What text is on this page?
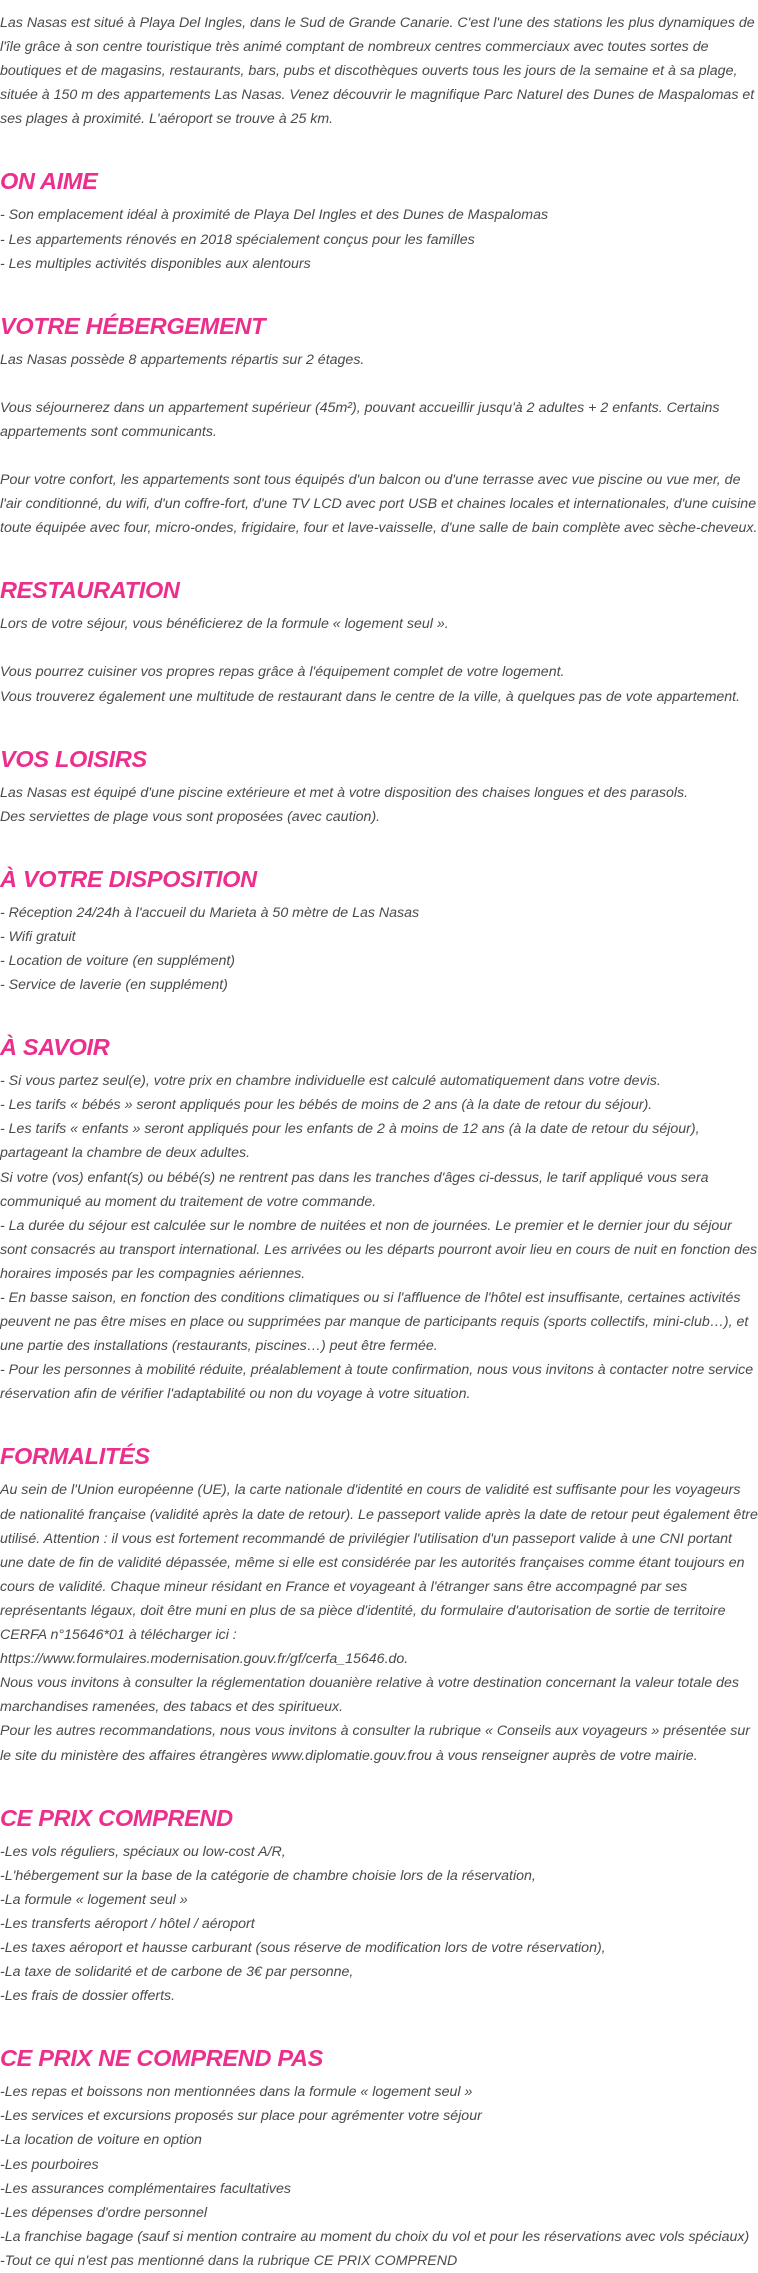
Las Nasas est situé à Playa Del Ingles, dans le Sud de Grande Canarie. C'est l'une des stations les plus dynamiques de l'île grâce à son centre touristique très animé comptant de nombreux centres commerciaux avec toutes sortes de boutiques et de magasins, restaurants, bars, pubs et discothèques ouverts tous les jours de la semaine et à sa plage, située à 150 m des appartements Las Nasas. Venez découvrir le magnifique Parc Naturel des Dunes de Maspalomas et ses plages à proximité. L'aéroport se trouve à 25 km.

ON AIME

- Son emplacement idéal à proximité de Playa Del Ingles et des Dunes de Maspalomas

- Les appartements rénovés en 2018 spécialement conçus pour les familles

- Les multiples activités disponibles aux alentours

VOTRE HÉBERGEMENT

Las Nasas possède 8 appartements répartis sur 2 étages.

Vous séjournerez dans un appartement supérieur (45m²), pouvant accueillir jusqu'à 2 adultes + 2 enfants. Certains appartements sont communicants.

Pour votre confort, les appartements sont tous équipés d'un balcon ou d'une terrasse avec vue piscine ou vue mer, de l'air conditionné, du wifi, d'un coffre-fort, d'une TV LCD avec port USB et chaines locales et internationales, d'une cuisine toute équipée avec four, micro-ondes, frigidaire, four et lave-vaisselle, d'une salle de bain complète avec sèche-cheveux.

RESTAURATION

Lors de votre séjour, vous bénéficierez de la formule « logement seul ».

Vous pourrez cuisiner vos propres repas grâce à l'équipement complet de votre logement.

Vous trouverez également une multitude de restaurant dans le centre de la ville, à quelques pas de vote appartement.

VOS LOISIRS

Las Nasas est équipé d'une piscine extérieure et met à votre disposition des chaises longues et des parasols.

Des serviettes de plage vous sont proposées (avec caution).

À VOTRE DISPOSITION

- Réception 24/24h à l'accueil du Marieta à 50 mètre de Las Nasas

- Wifi gratuit

- Location de voiture (en supplément)

- Service de laverie (en supplément)

À SAVOIR

- Si vous partez seul(e), votre prix en chambre individuelle est calculé automatiquement dans votre devis.

- Les tarifs « bébés » seront appliqués pour les bébés de moins de 2 ans (à la date de retour du séjour).

- Les tarifs « enfants » seront appliqués pour les enfants de 2 à moins de 12 ans (à la date de retour du séjour), partageant la chambre de deux adultes.

Si votre (vos) enfant(s) ou bébé(s) ne rentrent pas dans les tranches d'âges ci-dessus, le tarif appliqué vous sera communiqué au moment du traitement de votre commande.

- La durée du séjour est calculée sur le nombre de nuitées et non de journées. Le premier et le dernier jour du séjour sont consacrés au transport international. Les arrivées ou les départs pourront avoir lieu en cours de nuit en fonction des horaires imposés par les compagnies aériennes.

- En basse saison, en fonction des conditions climatiques ou si l'affluence de l'hôtel est insuffisante, certaines activités peuvent ne pas être mises en place ou supprimées par manque de participants requis (sports collectifs, mini-club…), et une partie des installations (restaurants, piscines…) peut être fermée.

- Pour les personnes à mobilité réduite, préalablement à toute confirmation, nous vous invitons à contacter notre service réservation afin de vérifier l'adaptabilité ou non du voyage à votre situation.

FORMALITÉS

Au sein de l'Union européenne (UE), la carte nationale d'identité en cours de validité est suffisante pour les voyageurs de nationalité française (validité après la date de retour). Le passeport valide après la date de retour peut également être utilisé. Attention : il vous est fortement recommandé de privilégier l'utilisation d'un passeport valide à une CNI portant une date de fin de validité dépassée, même si elle est considérée par les autorités françaises comme étant toujours en cours de validité. Chaque mineur résidant en France et voyageant à l'étranger sans être accompagné par ses représentants légaux, doit être muni en plus de sa pièce d'identité, du formulaire d'autorisation de sortie de territoire CERFA n°15646*01 à télécharger ici :

https://www.formulaires.modernisation.gouv.fr/gf/cerfa_15646.do.

Nous vous invitons à consulter la réglementation douanière relative à votre destination concernant la valeur totale des marchandises ramenées, des tabacs et des spiritueux.

Pour les autres recommandations, nous vous invitons à consulter la rubrique « Conseils aux voyageurs » présentée sur le site du ministère des affaires étrangères www.diplomatie.gouv.frou à vous renseigner auprès de votre mairie.

CE PRIX COMPREND

-Les vols réguliers, spéciaux ou low-cost A/R,

-L'hébergement sur la base de la catégorie de chambre choisie lors de la réservation,

-La formule « logement seul »

-Les transferts aéroport / hôtel / aéroport

-Les taxes aéroport et hausse carburant (sous réserve de modification lors de votre réservation),

-La taxe de solidarité et de carbone de 3€ par personne,

-Les frais de dossier offerts.

CE PRIX NE COMPREND PAS

-Les repas et boissons non mentionnées dans la formule « logement seul »

-Les services et excursions proposés sur place pour agrémenter votre séjour

-La location de voiture en option

-Les pourboires

-Les assurances complémentaires facultatives

-Les dépenses d'ordre personnel

-La franchise bagage (sauf si mention contraire au moment du choix du vol et pour les réservations avec vols spéciaux)

-Tout ce qui n'est pas mentionné dans la rubrique CE PRIX COMPREND
